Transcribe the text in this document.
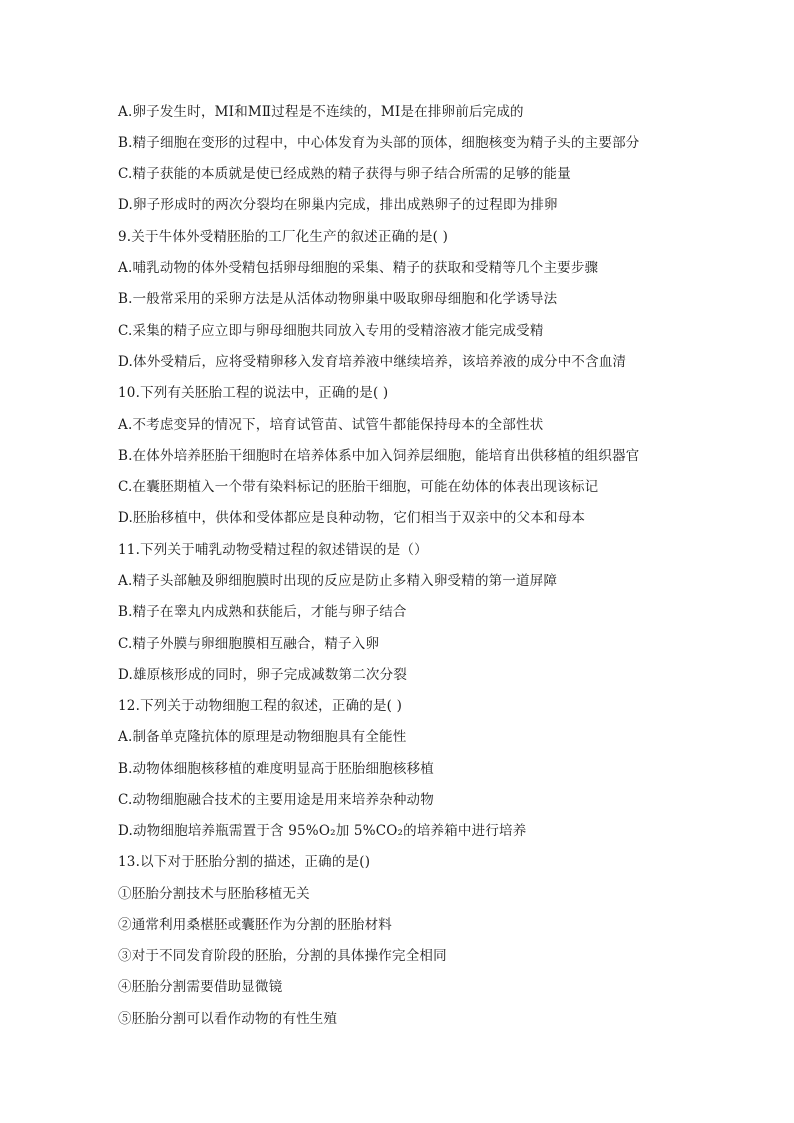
A.卵子发生时，MⅠ和MⅡ过程是不连续的，MⅠ是在排卵前后完成的
B.精子细胞在变形的过程中，中心体发育为头部的顶体，细胞核变为精子头的主要部分
C.精子获能的本质就是使已经成熟的精子获得与卵子结合所需的足够的能量
D.卵子形成时的两次分裂均在卵巢内完成，排出成熟卵子的过程即为排卵
9.关于牛体外受精胚胎的工厂化生产的叙述正确的是( )
A.哺乳动物的体外受精包括卵母细胞的采集、精子的获取和受精等几个主要步骤
B.一般常采用的采卵方法是从活体动物卵巢中吸取卵母细胞和化学诱导法
C.采集的精子应立即与卵母细胞共同放入专用的受精溶液才能完成受精
D.体外受精后，应将受精卵移入发育培养液中继续培养，该培养液的成分中不含血清
10.下列有关胚胎工程的说法中，正确的是( )
A.不考虑变异的情况下，培育试管苗、试管牛都能保持母本的全部性状
B.在体外培养胚胎干细胞时在培养体系中加入饲养层细胞，能培育出供移植的组织器官
C.在囊胚期植入一个带有染料标记的胚胎干细胞，可能在幼体的体表出现该标记
D.胚胎移植中，供体和受体都应是良种动物，它们相当于双亲中的父本和母本
11.下列关于哺乳动物受精过程的叙述错误的是（）
A.精子头部触及卵细胞膜时出现的反应是防止多精入卵受精的第一道屏障
B.精子在睾丸内成熟和获能后，才能与卵子结合
C.精子外膜与卵细胞膜相互融合，精子入卵
D.雄原核形成的同时，卵子完成减数第二次分裂
12.下列关于动物细胞工程的叙述，正确的是( )
A.制备单克隆抗体的原理是动物细胞具有全能性
B.动物体细胞核移植的难度明显高于胚胎细胞核移植
C.动物细胞融合技术的主要用途是用来培养杂种动物
D.动物细胞培养瓶需置于含 95%O₂加 5%CO₂的培养箱中进行培养
13.以下对于胚胎分割的描述，正确的是()
①胚胎分割技术与胚胎移植无关
②通常利用桑椹胚或囊胚作为分割的胚胎材料
③对于不同发育阶段的胚胎，分割的具体操作完全相同
④胚胎分割需要借助显微镜
⑤胚胎分割可以看作动物的有性生殖
